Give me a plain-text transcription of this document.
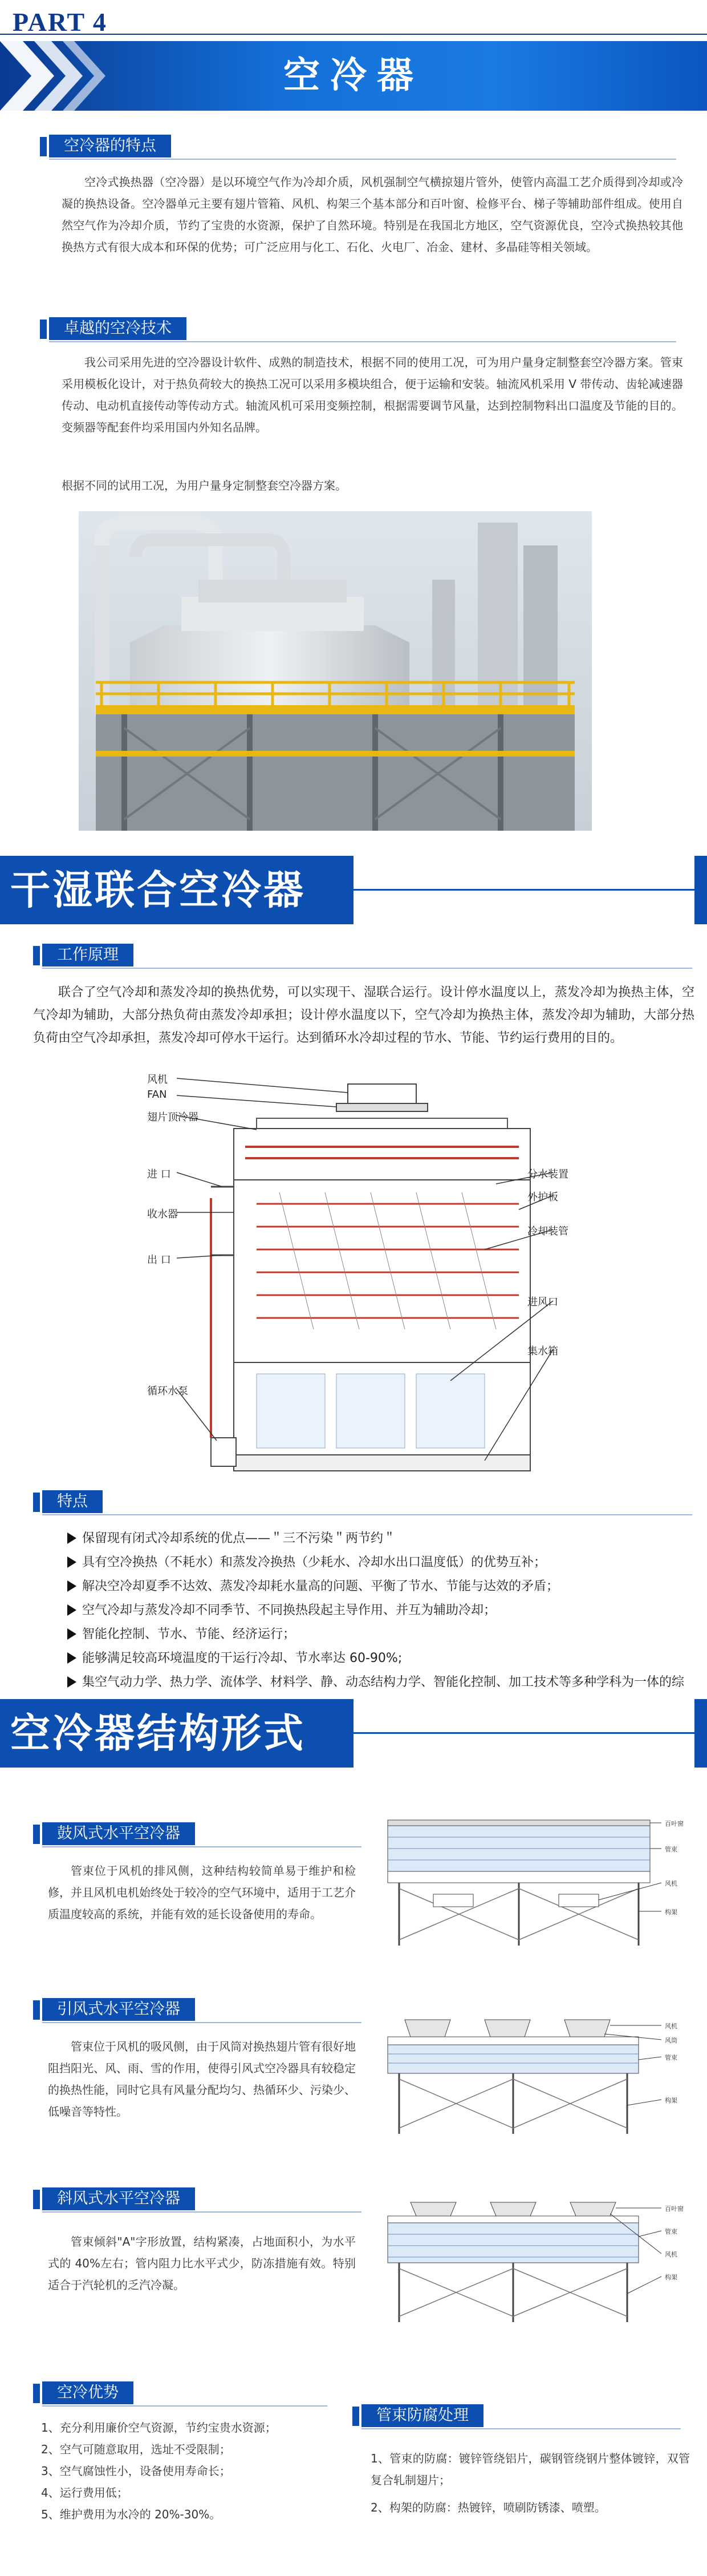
PART 4
空冷器
空冷器的特点
空冷式换热器（空冷器）是以环境空气作为冷却介质，风机强制空气横掠翅片管外，使管内高温工艺介质得到冷却或冷凝的换热设备。空冷器单元主要有翅片管箱、风机、构架三个基本部分和百叶窗、检修平台、梯子等辅助部件组成。使用自然空气作为冷却介质，节约了宝贵的水资源，保护了自然环境。特别是在我国北方地区，空气资源优良，空冷式换热较其他换热方式有很大成本和环保的优势；可广泛应用与化工、石化、火电厂、冶金、建材、多晶硅等相关领域。
卓越的空冷技术
我公司采用先进的空冷器设计软件、成熟的制造技术，根据不同的使用工况，可为用户量身定制整套空冷器方案。管束采用模板化设计，对于热负荷较大的换热工况可以采用多模块组合，便于运输和安装。轴流风机采用 V 带传动、齿轮减速器传动、电动机直接传动等传动方式。轴流风机可采用变频控制，根据需要调节风量，达到控制物料出口温度及节能的目的。变频器等配套件均采用国内外知名品牌。
根据不同的试用工况，为用户量身定制整套空冷器方案。
干湿联合空冷器
工作原理
联合了空气冷却和蒸发冷却的换热优势，可以实现干、湿联合运行。设计停水温度以上，蒸发冷却为换热主体，空气冷却为辅助，大部分热负荷由蒸发冷却承担；设计停水温度以下，空气冷却为换热主体，蒸发冷却为辅助，大部分热负荷由空气冷却承担，蒸发冷却可停水干运行。达到循环水冷却过程的节水、节能、节约运行费用的目的。
风机
FAN
翅片顶冷器
进 口
收水器
出 口
循环水泵
分水装置
外护板
冷却装管
进风口
集水箱
特点
保留现有闭式冷却系统的优点——＂三不污染＂两节约＂
具有空冷换热（不耗水）和蒸发冷换热（少耗水、冷却水出口温度低）的优势互补；
解决空冷却夏季不达效、蒸发冷却耗水量高的问题、平衡了节水、节能与达效的矛盾；
空气冷却与蒸发冷却不同季节、不同换热段起主导作用、并互为辅助冷却；
智能化控制、节水、节能、经济运行；
能够满足较高环境温度的干运行冷却、节水率达 60-90%;
集空气动力学、热力学、流体学、材料学、静、动态结构力学、智能化控制、加工技术等多种学科为一体的综
空冷器结构形式
鼓风式水平空冷器
管束位于风机的排风侧，这种结构较简单易于维护和检修，并且风机电机始终处于较冷的空气环境中，适用于工艺介质温度较高的系统，并能有效的延长设备使用的寿命。
百叶窗
管束
构架
风机
引风式水平空冷器
管束位于风机的吸风侧，由于风筒对换热翅片管有很好地阻挡阳光、风、雨、雪的作用，使得引风式空冷器具有较稳定的换热性能，同时它具有风量分配均匀、热循环少、污染少、低噪音等特性。
风机
风筒
管束
构架
斜风式水平空冷器
管束倾斜"A"字形放置，结构紧凑，占地面积小，为水平式的 40%左右；管内阻力比水平式少，防冻措施有效。特别适合于汽轮机的乏汽冷凝。
百叶窗
管束
构架
风机
空冷优势
1、充分利用廉价空气资源，节约宝贵水资源；
2、空气可随意取用，选址不受限制；
3、空气腐蚀性小，设备使用寿命长；
4、运行费用低；
5、维护费用为水冷的 20%-30%。
管束防腐处理
1、管束的防腐：镀锌管绕铝片，碳钢管绕钢片整体镀锌，双管复合轧制翅片；
2、构架的防腐：热镀锌，喷刷防锈漆、喷塑。
